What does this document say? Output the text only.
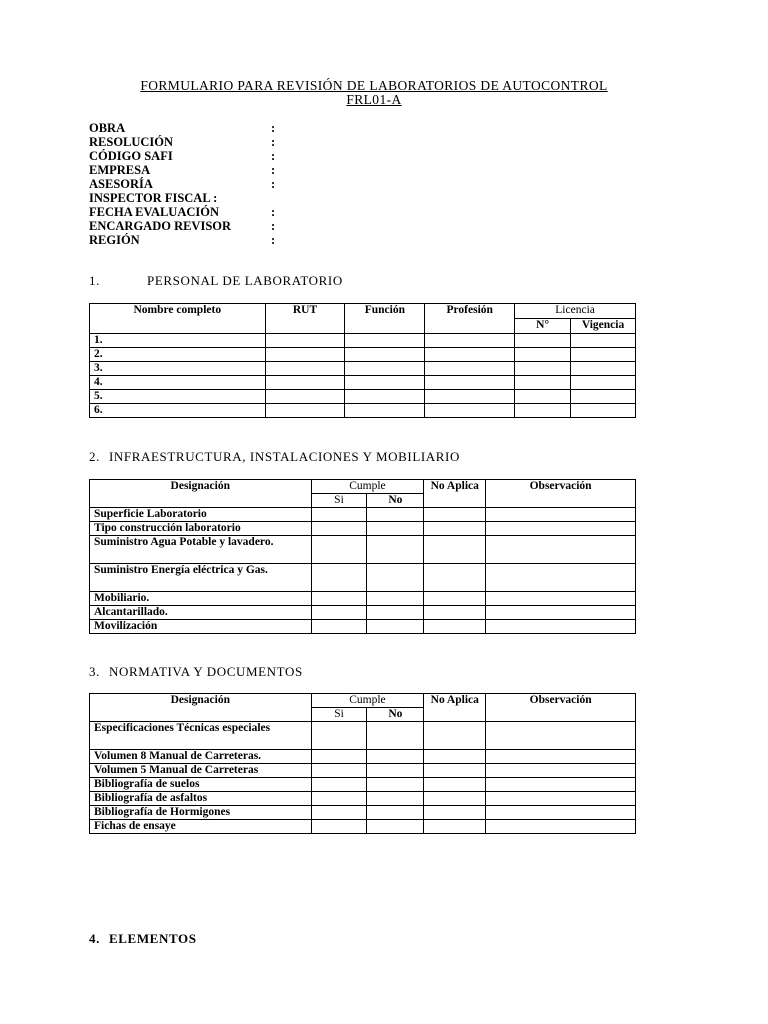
FORMULARIO PARA REVISIÓN DE LABORATORIOS DE AUTOCONTROL
FRL01-A
OBRA	:
RESOLUCIÓN	:
CÓDIGO SAFI	:
EMPRESA	:
ASESORÍA	:
INSPECTOR FISCAL :
FECHA EVALUACIÓN	:
ENCARGADO REVISOR	:
REGIÓN	:
1.	PERSONAL DE LABORATORIO
Nombre completo	RUT	Función	Profesión	Licencia	
				N°	Vigencia
1.					
2.					
3.					
4.					
5.					
6.					
2. INFRAESTRUCTURA, INSTALACIONES Y MOBILIARIO
Designación	Cumple		No Aplica	Observación
	Si	No		
Superficie Laboratorio				
Tipo construcción laboratorio				
Suministro Agua Potable y lavadero.				
Suministro Energía eléctrica y Gas.				
Mobiliario.				
Alcantarillado.				
Movilización				
3. NORMATIVA Y DOCUMENTOS
Designación	Cumple		No Aplica	Observación
	Si	No		
Especificaciones Técnicas especiales				
Volumen 8 Manual de Carreteras.				
Volumen 5 Manual de Carreteras				
Bibliografía de suelos				
Bibliografía de asfaltos				
Bibliografía de Hormigones				
Fichas de ensaye				
4. ELEMENTOS
